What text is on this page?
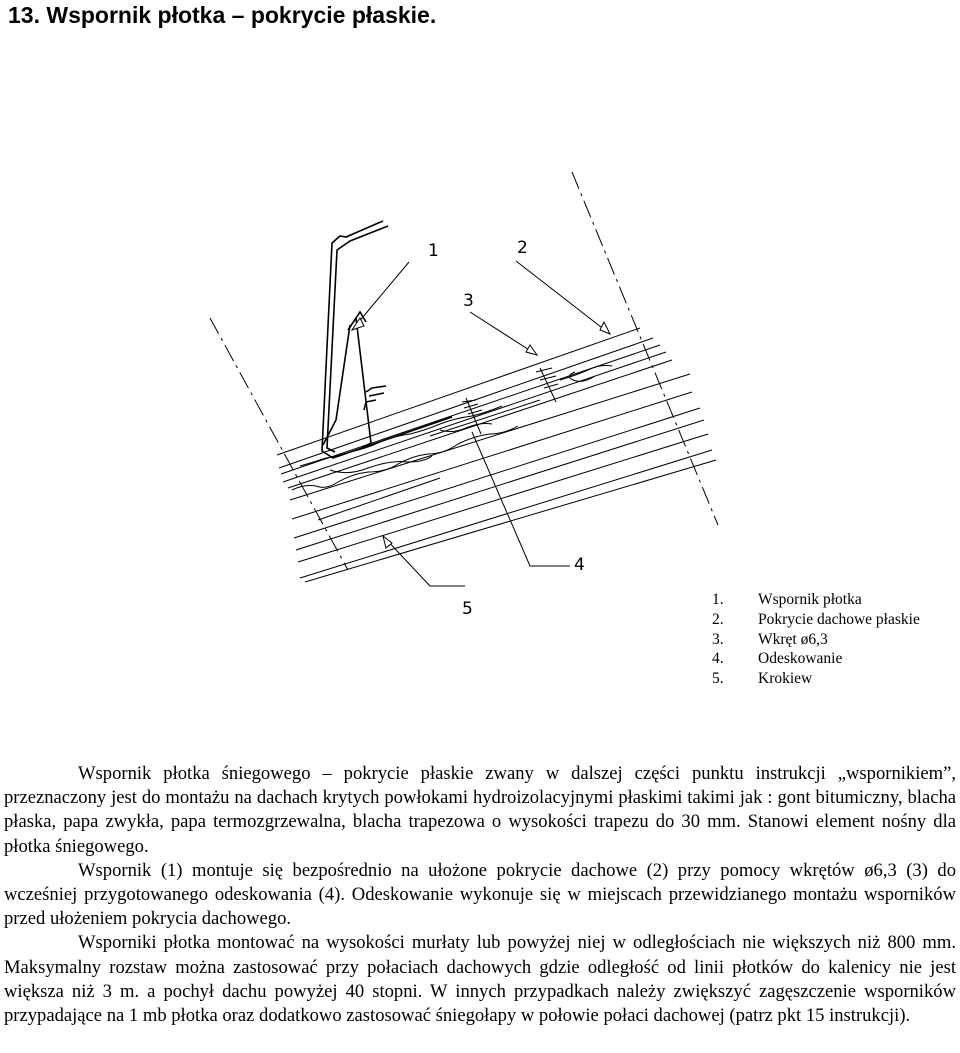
13. Wspornik płotka – pokrycie płaskie.
1	2
3
4
5	1.	Wspornik płotka
2.	Pokrycie dachowe płaskie
3.	Wkręt ø6,3
4.	Odeskowanie
5.	Krokiew

Wspornik płotka śniegowego – pokrycie płaskie zwany w dalszej części punktu instrukcji „wspornikiem”, przeznaczony jest do montażu na dachach krytych powłokami hydroizolacyjnymi płaskimi takimi jak : gont bitumiczny, blacha płaska, papa zwykła, papa termozgrzewalna, blacha trapezowa o wysokości trapezu do 30 mm. Stanowi element nośny dla płotka śniegowego.

Wspornik (1) montuje się bezpośrednio na ułożone pokrycie dachowe (2) przy pomocy wkrętów ø6,3 (3) do wcześniej przygotowanego odeskowania (4). Odeskowanie wykonuje się w miejscach przewidzianego montażu wsporników przed ułożeniem pokrycia dachowego.

Wsporniki płotka montować na wysokości murłaty lub powyżej niej w odległościach nie większych niż 800 mm. Maksymalny rozstaw można zastosować przy połaciach dachowych gdzie odległość od linii płotków do kalenicy nie jest większa niż 3 m. a pochył dachu powyżej 40 stopni. W innych przypadkach należy zwiększyć zagęszczenie wsporników przypadające na 1 mb płotka oraz dodatkowo zastosować śniegołapy w połowie połaci dachowej (patrz pkt 15 instrukcji).
